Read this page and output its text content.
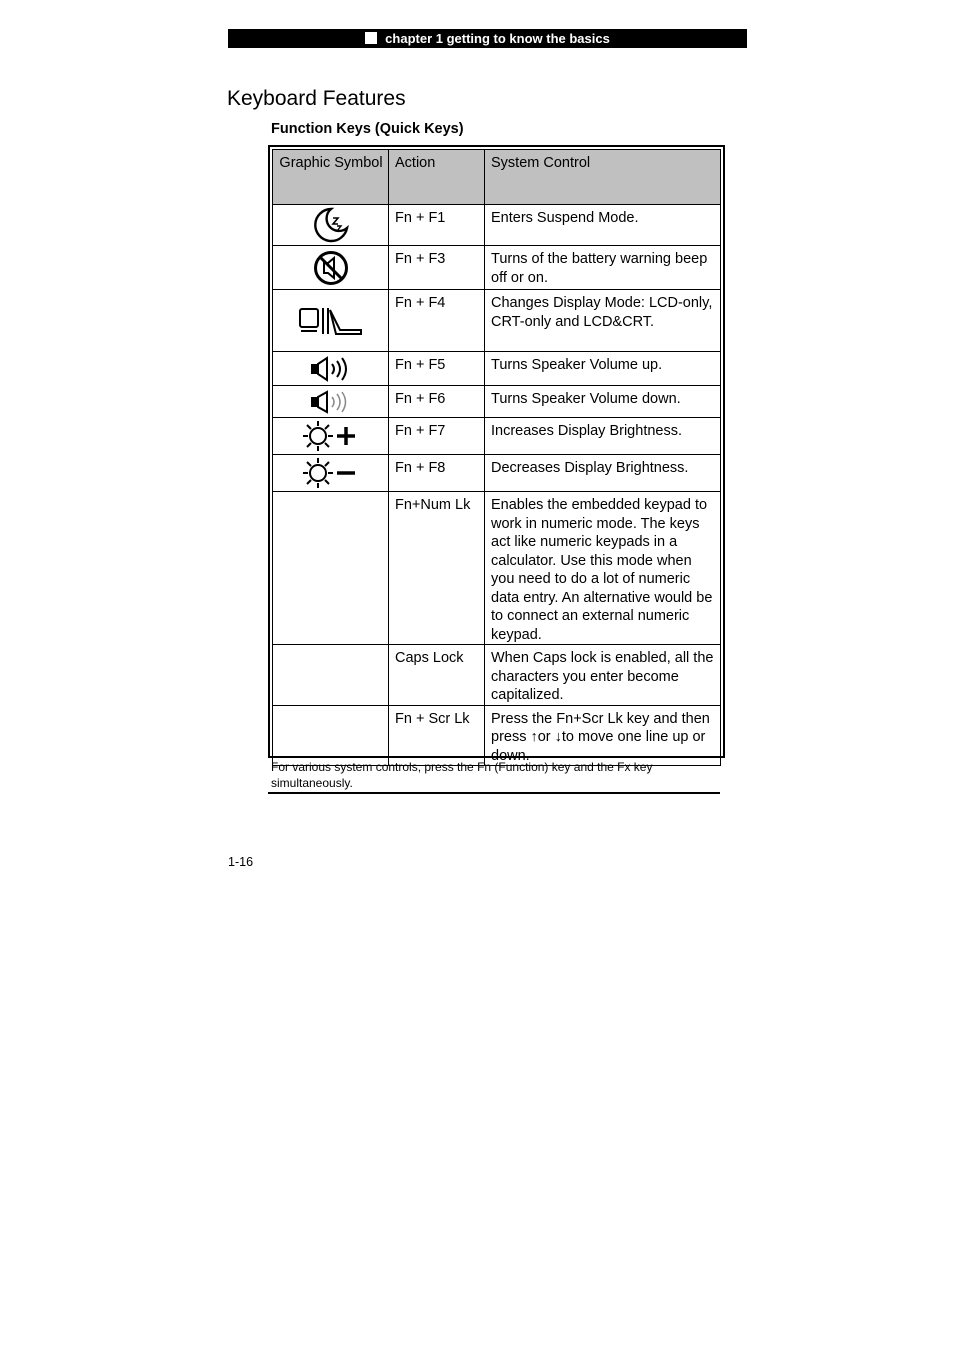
chapter 1 getting to know the basics
Keyboard Features
Function Keys (Quick Keys)
Graphic Symbol	Action	System Control

	Fn + F1	Enters Suspend Mode.

	Fn + F3	Turns of the battery warning beep off or on.

	Fn + F4	Changes Display Mode: LCD-only, CRT-only and LCD&CRT.

	Fn + F5	Turns Speaker Volume up.

	Fn + F6	Turns Speaker Volume down.

	Fn + F7	Increases Display Brightness.

	Fn + F8	Decreases Display Brightness.
	Fn+Num Lk	Enables the embedded keypad to work in numeric mode. The keys act like numeric keypads in a calculator. Use this mode when you need to do a lot of numeric data entry. An alternative would be to connect an external numeric keypad.
	Caps Lock	When Caps lock is enabled, all the characters you enter become capitalized.
	Fn + Scr Lk	Press the Fn+Scr Lk key and then press ↑or ↓to move one line up or down.
For various system controls, press the Fn (Function) key and the Fx key simultaneously.
1-16
